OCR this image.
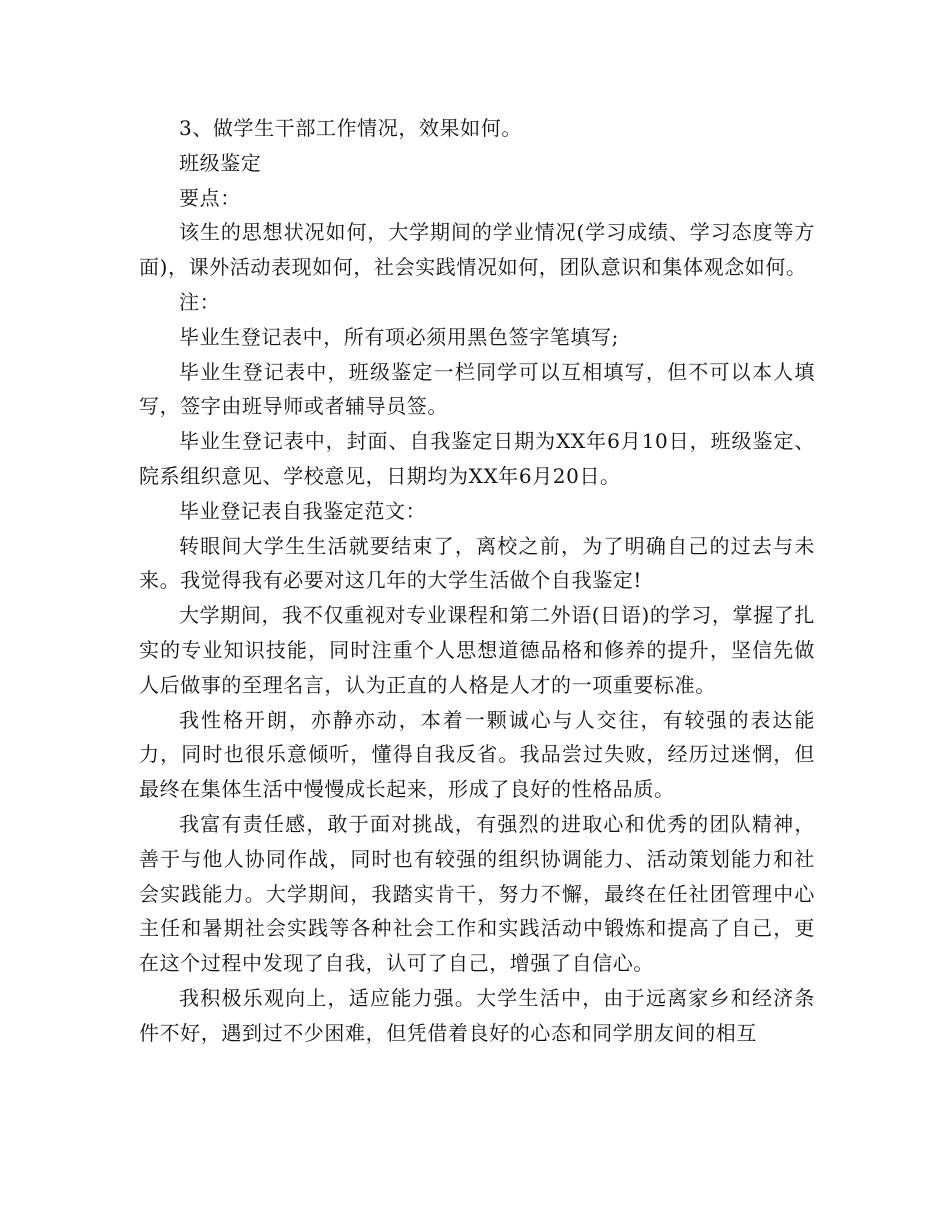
3、做学生干部工作情况，效果如何。

班级鉴定

要点：

该生的思想状况如何，大学期间的学业情况(学习成绩、学习态度等方面)，课外活动表现如何，社会实践情况如何，团队意识和集体观念如何。

注：

毕业生登记表中，所有项必须用黑色签字笔填写;

毕业生登记表中，班级鉴定一栏同学可以互相填写，但不可以本人填写，签字由班导师或者辅导员签。

毕业生登记表中，封面、自我鉴定日期为XX年6月10日，班级鉴定、院系组织意见、学校意见，日期均为XX年6月20日。

毕业登记表自我鉴定范文：

转眼间大学生生活就要结束了，离校之前，为了明确自己的过去与未来。我觉得我有必要对这几年的大学生活做个自我鉴定!

大学期间，我不仅重视对专业课程和第二外语(日语)的学习，掌握了扎实的专业知识技能，同时注重个人思想道德品格和修养的提升，坚信先做人后做事的至理名言，认为正直的人格是人才的一项重要标准。

我性格开朗，亦静亦动，本着一颗诚心与人交往，有较强的表达能力，同时也很乐意倾听，懂得自我反省。我品尝过失败，经历过迷惘，但最终在集体生活中慢慢成长起来，形成了良好的性格品质。

我富有责任感，敢于面对挑战，有强烈的进取心和优秀的团队精神，善于与他人协同作战，同时也有较强的组织协调能力、活动策划能力和社会实践能力。大学期间，我踏实肯干，努力不懈，最终在任社团管理中心主任和暑期社会实践等各种社会工作和实践活动中锻炼和提高了自己，更在这个过程中发现了自我，认可了自己，增强了自信心。

我积极乐观向上，适应能力强。大学生活中，由于远离家乡和经济条件不好，遇到过不少困难，但凭借着良好的心态和同学朋友间的相互
